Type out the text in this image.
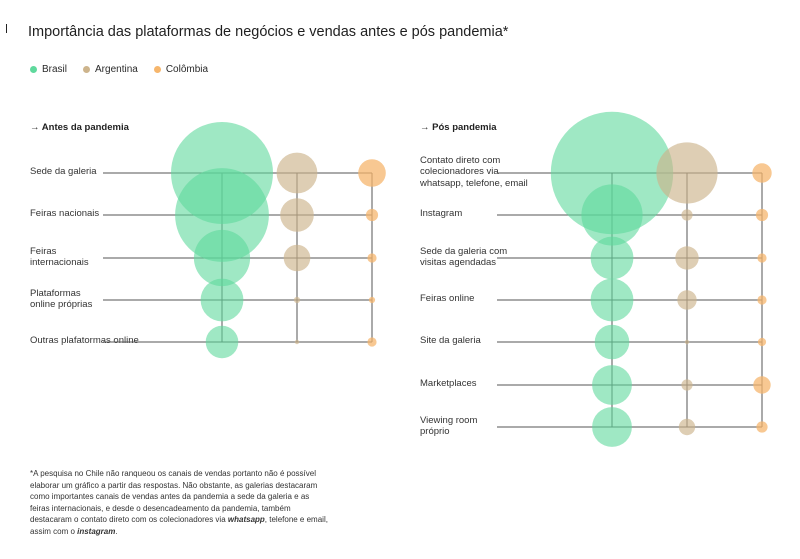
Importância das plataformas de negócios e vendas antes e pós pandemia*
Brasil	Argentina	Colômbia
→ Antes da pandemia	→ Pós pandemia
Sede da galeria
Feiras nacionais
Feiras
internacionais
Plataformas
online próprias
Outras plafatormas online
Contato direto com
colecionadores via
whatsapp, telefone, email
Instagram
Sede da galeria com
visitas agendadas
Feiras online
Site da galeria
Marketplaces
Viewing room
próprio
*A pesquisa no Chile não ranqueou os canais de vendas portanto não é possível elaborar um gráfico a partir das respostas. Não obstante, as galerias destacaram como importantes canais de vendas antes da pandemia a sede da galeria e as feiras internacionais, e desde o desencadeamento da pandemia, também destacaram o contato direto com os colecionadores via whatsapp, telefone e email, assim com o instagram.
